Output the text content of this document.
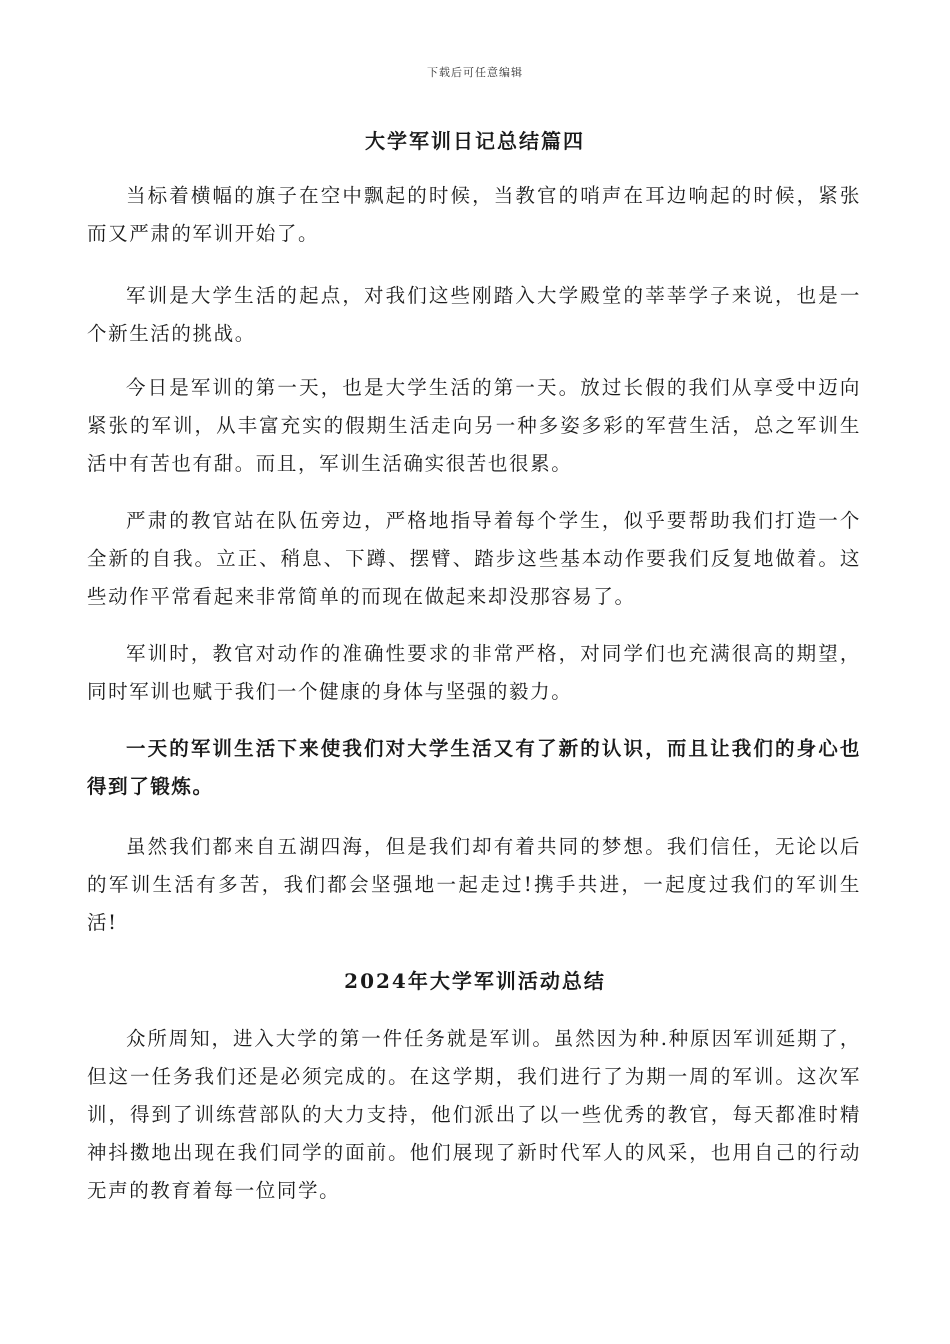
下载后可任意编辑
大学军训日记总结篇四

当标着横幅的旗子在空中飘起的时候，当教官的哨声在耳边响起的时候，紧张而又严肃的军训开始了。

军训是大学生活的起点，对我们这些刚踏入大学殿堂的莘莘学子来说，也是一个新生活的挑战。

今日是军训的第一天，也是大学生活的第一天。放过长假的我们从享受中迈向紧张的军训，从丰富充实的假期生活走向另一种多姿多彩的军营生活，总之军训生活中有苦也有甜。而且，军训生活确实很苦也很累。

严肃的教官站在队伍旁边，严格地指导着每个学生，似乎要帮助我们打造一个全新的自我。立正、稍息、下蹲、摆臂、踏步这些基本动作要我们反复地做着。这些动作平常看起来非常简单的而现在做起来却没那容易了。

军训时，教官对动作的准确性要求的非常严格，对同学们也充满很高的期望，同时军训也赋于我们一个健康的身体与坚强的毅力。

一天的军训生活下来使我们对大学生活又有了新的认识，而且让我们的身心也得到了锻炼。

虽然我们都来自五湖四海，但是我们却有着共同的梦想。我们信任，无论以后的军训生活有多苦，我们都会坚强地一起走过!携手共进，一起度过我们的军训生活!

2024年大学军训活动总结

众所周知，进入大学的第一件任务就是军训。虽然因为种.种原因军训延期了，但这一任务我们还是必须完成的。在这学期，我们进行了为期一周的军训。这次军训，得到了训练营部队的大力支持，他们派出了以一些优秀的教官，每天都准时精神抖擞地出现在我们同学的面前。他们展现了新时代军人的风采，也用自己的行动无声的教育着每一位同学。
